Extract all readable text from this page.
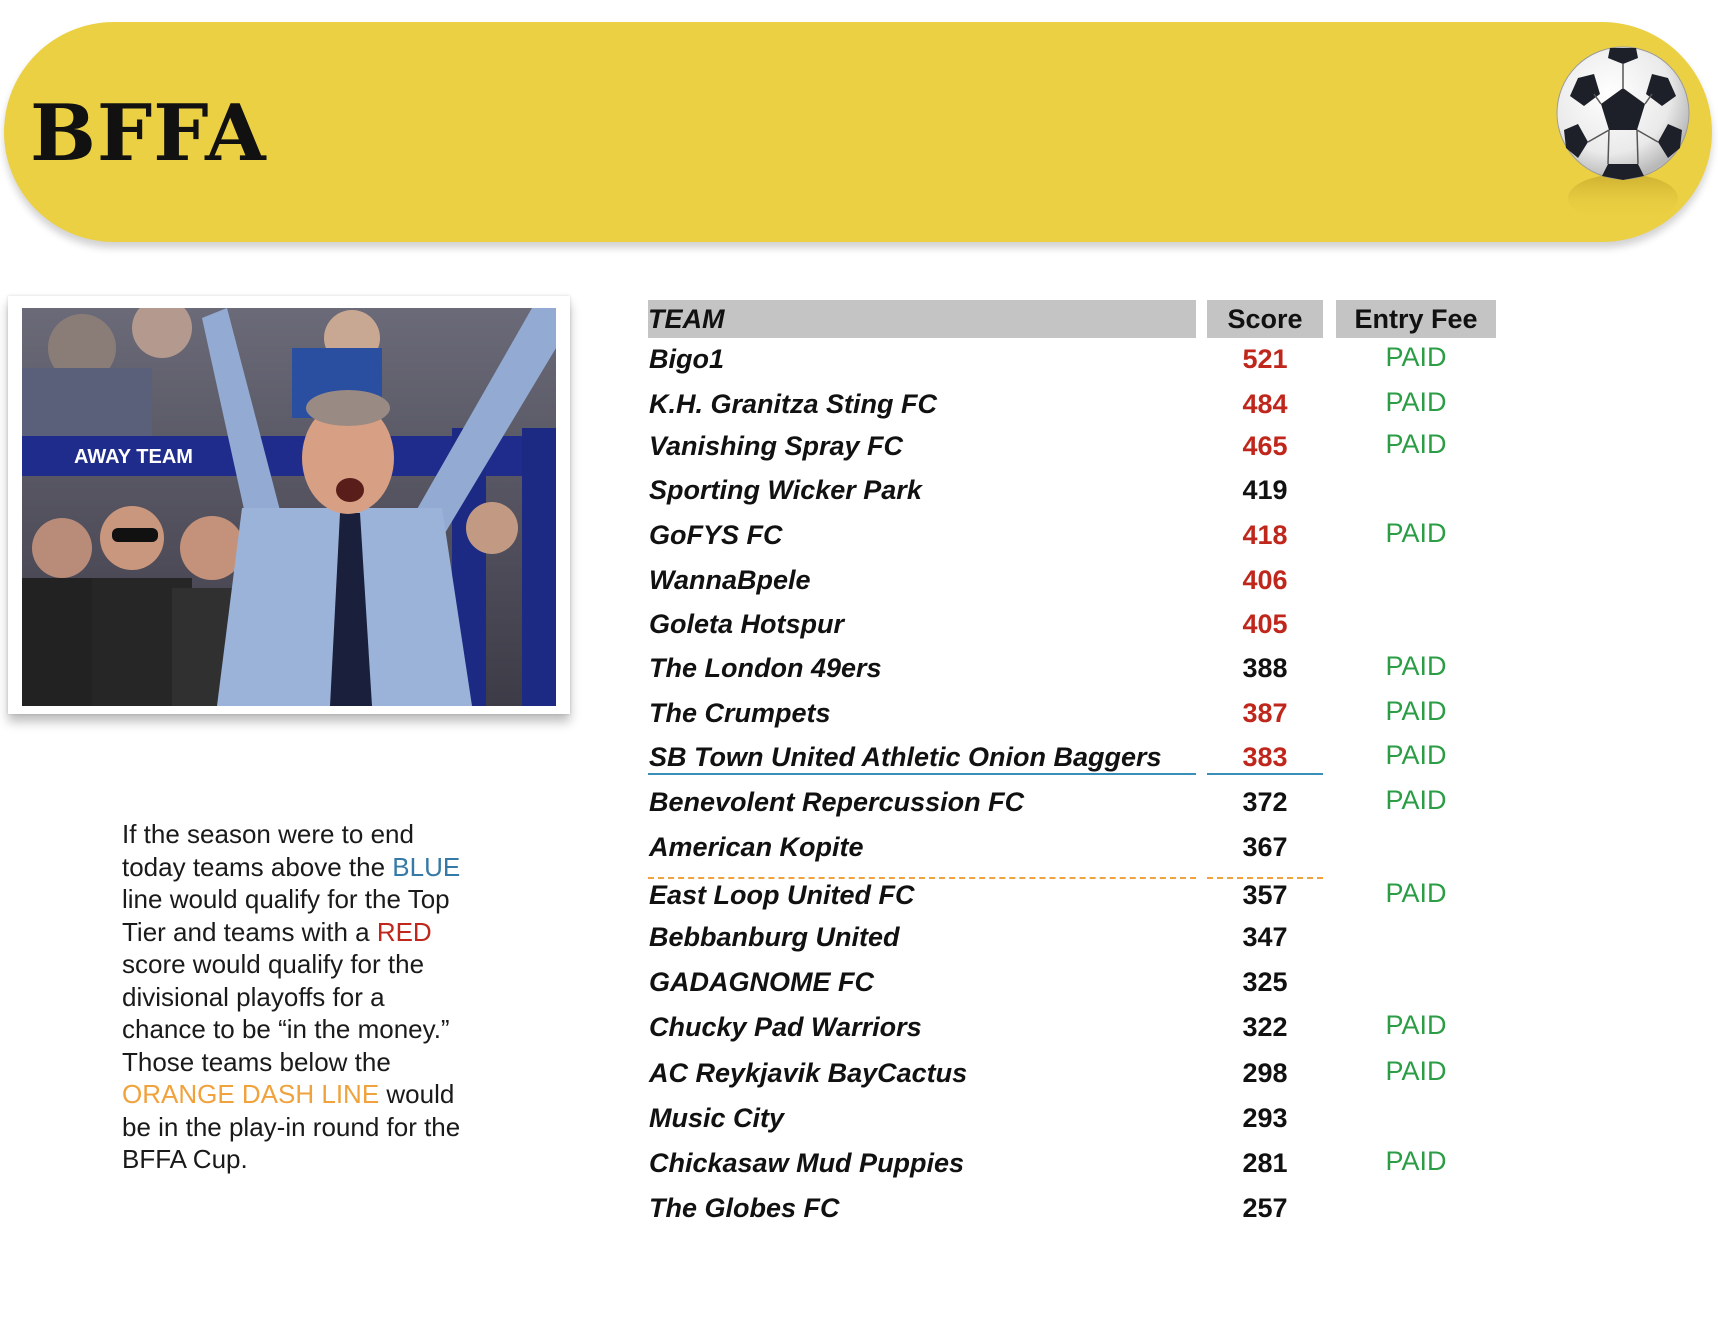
BFFA
AWAY TEAM
If the season were to end today teams above the BLUE line would qualify for the Top Tier and teams with a RED score would qualify for the divisional playoffs for a chance to be “in the money.” Those teams below the ORANGE DASH LINE would be in the play-in round for the BFFA Cup.
TEAM	Score	Entry Fee
Bigo1	521	PAID
K.H. Granitza Sting FC	484	PAID
Vanishing Spray FC	465	PAID
Sporting Wicker Park	419
GoFYS FC	418	PAID
WannaBpele	406
Goleta Hotspur	405
The London 49ers	388	PAID
The Crumpets	387	PAID
SB Town United Athletic Onion Baggers	383	PAID
Benevolent Repercussion FC	372	PAID
American Kopite	367
East Loop United FC	357	PAID
Bebbanburg United	347
GADAGNOME FC	325
Chucky Pad Warriors	322	PAID
AC Reykjavik BayCactus	298	PAID
Music City	293
Chickasaw Mud Puppies	281	PAID
The Globes FC	257
